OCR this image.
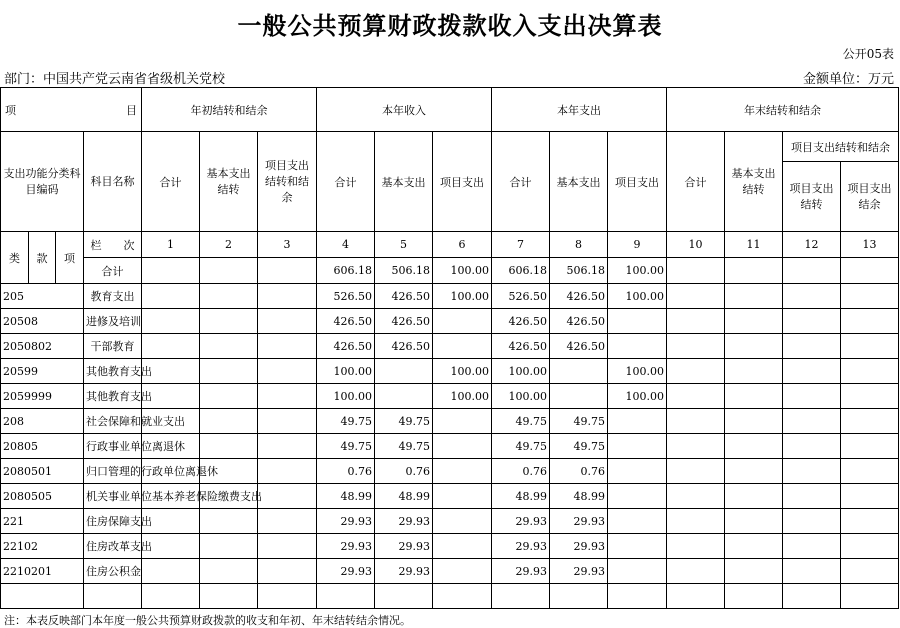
一般公共预算财政拨款收入支出决算表
公开05表
部门：中国共产党云南省省级机关党校	金额单位：万元
项 目				年初结转和结余			本年收入			本年支出			年末结转和结余			
支出功能分类科目编码			科目名称	合计	基本支出结转	项目支出结转和结余	合计	基本支出	项目支出	合计	基本支出	项目支出	合计	基本支出结转	项目支出结转和结余	
															项目支出结转	项目支出结余
类	款	项	栏　　次	1	2	3	4	5	6	7	8	9	10	11	12	13
			合计				606.18	506.18	100.00	606.18	506.18	100.00				
205			教育支出				526.50	426.50	100.00	526.50	426.50	100.00				
20508			进修及培训				426.50	426.50		426.50	426.50					
2050802			干部教育				426.50	426.50		426.50	426.50					
20599			其他教育支出				100.00		100.00	100.00		100.00				
2059999			其他教育支出				100.00		100.00	100.00		100.00				
208			社会保障和就业支出				49.75	49.75		49.75	49.75					
20805			行政事业单位离退休				49.75	49.75		49.75	49.75					
2080501			归口管理的行政单位离退休				0.76	0.76		0.76	0.76					
2080505			机关事业单位基本养老保险缴费支出				48.99	48.99		48.99	48.99					
221			住房保障支出				29.93	29.93		29.93	29.93					
22102			住房改革支出				29.93	29.93		29.93	29.93					
2210201			住房公积金				29.93	29.93		29.93	29.93					

注：本表反映部门本年度一般公共预算财政拨款的收支和年初、年末结转结余情况。
